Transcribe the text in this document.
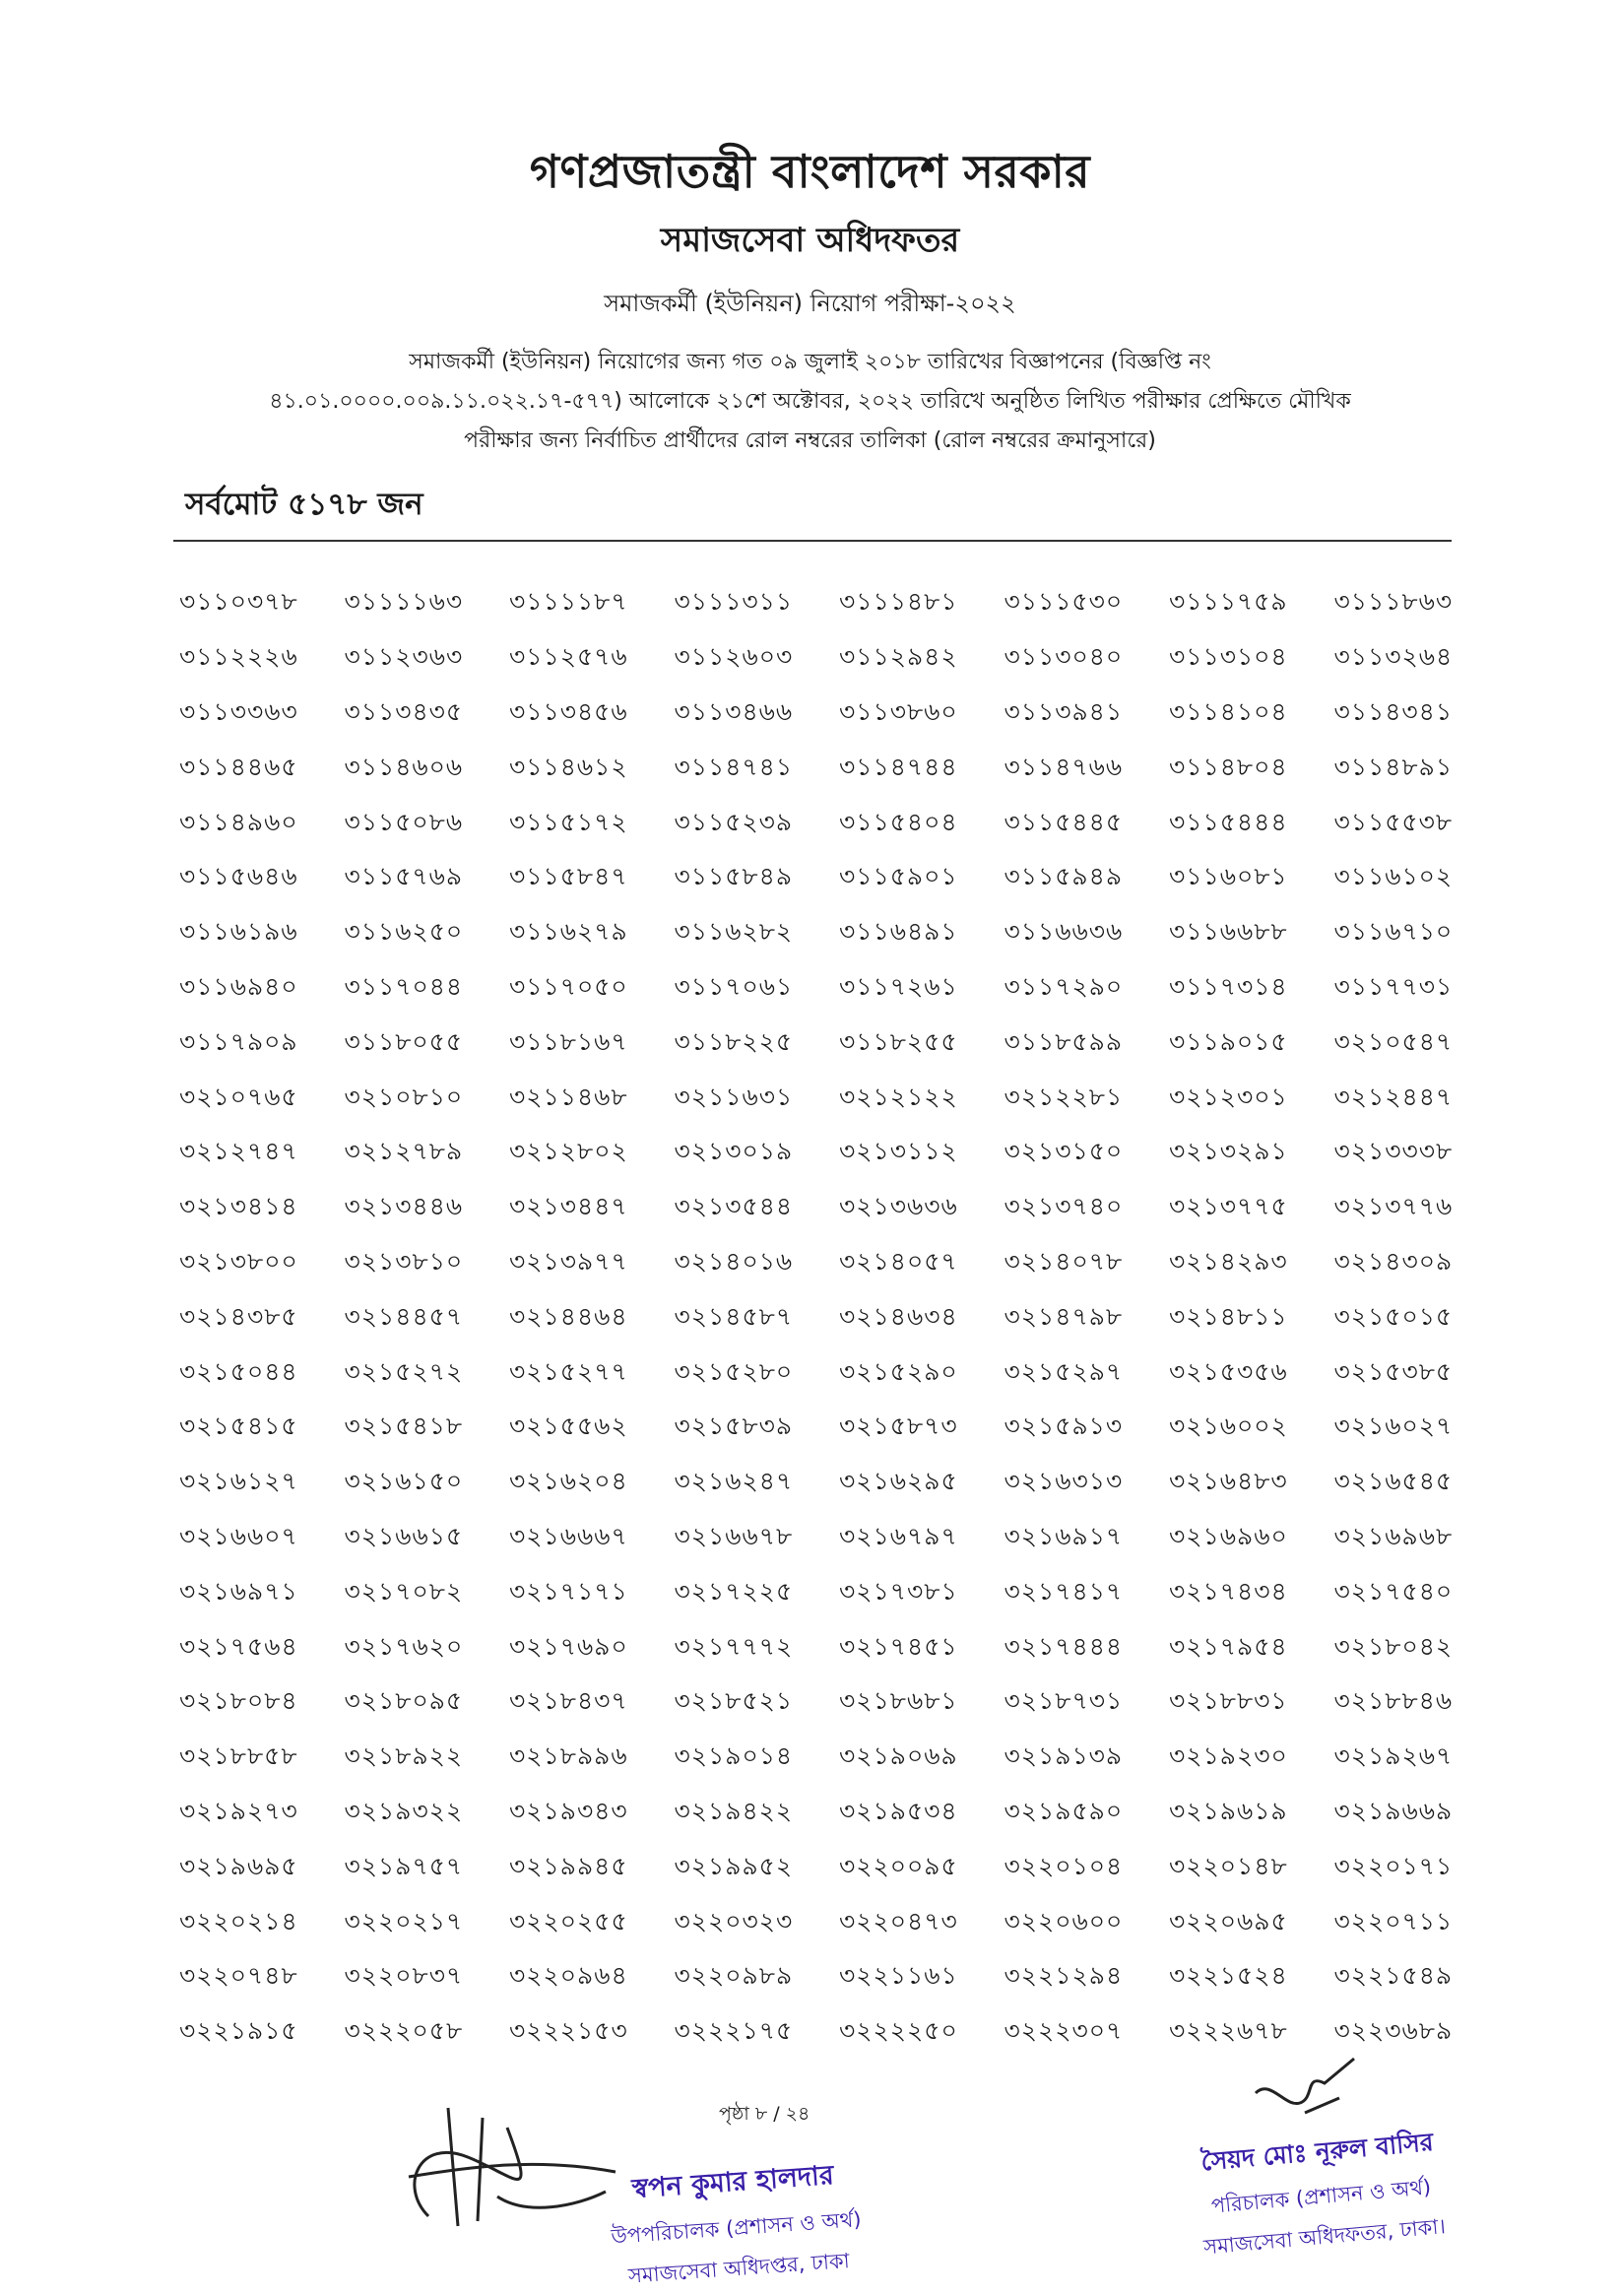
গণপ্রজাতন্ত্রী বাংলাদেশ সরকার
সমাজসেবা অধিদফতর
সমাজকর্মী (ইউনিয়ন) নিয়োগ পরীক্ষা-২০২২
সমাজকর্মী (ইউনিয়ন) নিয়োগের জন্য গত ০৯ জুলাই ২০১৮ তারিখের বিজ্ঞাপনের (বিজ্ঞপ্তি নং
৪১.০১.০০০০.০০৯.১১.০২২.১৭-৫৭৭) আলোকে ২১শে অক্টোবর, ২০২২ তারিখে অনুষ্ঠিত লিখিত পরীক্ষার প্রেক্ষিতে মৌখিক
পরীক্ষার জন্য নির্বাচিত প্রার্থীদের রোল নম্বরের তালিকা (রোল নম্বরের ক্রমানুসারে)
সর্বমোট ৫১৭৮ জন
৩১১০৩৭৮	৩১১১১৬৩	৩১১১১৮৭	৩১১১৩১১	৩১১১৪৮১	৩১১১৫৩০	৩১১১৭৫৯	৩১১১৮৬৩
৩১১২২২৬	৩১১২৩৬৩	৩১১২৫৭৬	৩১১২৬০৩	৩১১২৯৪২	৩১১৩০৪০	৩১১৩১০৪	৩১১৩২৬৪
৩১১৩৩৬৩	৩১১৩৪৩৫	৩১১৩৪৫৬	৩১১৩৪৬৬	৩১১৩৮৬০	৩১১৩৯৪১	৩১১৪১০৪	৩১১৪৩৪১
৩১১৪৪৬৫	৩১১৪৬০৬	৩১১৪৬১২	৩১১৪৭৪১	৩১১৪৭৪৪	৩১১৪৭৬৬	৩১১৪৮০৪	৩১১৪৮৯১
৩১১৪৯৬০	৩১১৫০৮৬	৩১১৫১৭২	৩১১৫২৩৯	৩১১৫৪০৪	৩১১৫৪৪৫	৩১১৫৪৪৪	৩১১৫৫৩৮
৩১১৫৬৪৬	৩১১৫৭৬৯	৩১১৫৮৪৭	৩১১৫৮৪৯	৩১১৫৯০১	৩১১৫৯৪৯	৩১১৬০৮১	৩১১৬১০২
৩১১৬১৯৬	৩১১৬২৫০	৩১১৬২৭৯	৩১১৬২৮২	৩১১৬৪৯১	৩১১৬৬৩৬	৩১১৬৬৮৮	৩১১৬৭১০
৩১১৬৯৪০	৩১১৭০৪৪	৩১১৭০৫০	৩১১৭০৬১	৩১১৭২৬১	৩১১৭২৯০	৩১১৭৩১৪	৩১১৭৭৩১
৩১১৭৯০৯	৩১১৮০৫৫	৩১১৮১৬৭	৩১১৮২২৫	৩১১৮২৫৫	৩১১৮৫৯৯	৩১১৯০১৫	৩২১০৫৪৭
৩২১০৭৬৫	৩২১০৮১০	৩২১১৪৬৮	৩২১১৬৩১	৩২১২১২২	৩২১২২৮১	৩২১২৩০১	৩২১২৪৪৭
৩২১২৭৪৭	৩২১২৭৮৯	৩২১২৮০২	৩২১৩০১৯	৩২১৩১১২	৩২১৩১৫০	৩২১৩২৯১	৩২১৩৩৩৮
৩২১৩৪১৪	৩২১৩৪৪৬	৩২১৩৪৪৭	৩২১৩৫৪৪	৩২১৩৬৩৬	৩২১৩৭৪০	৩২১৩৭৭৫	৩২১৩৭৭৬
৩২১৩৮০০	৩২১৩৮১০	৩২১৩৯৭৭	৩২১৪০১৬	৩২১৪০৫৭	৩২১৪০৭৮	৩২১৪২৯৩	৩২১৪৩০৯
৩২১৪৩৮৫	৩২১৪৪৫৭	৩২১৪৪৬৪	৩২১৪৫৮৭	৩২১৪৬৩৪	৩২১৪৭৯৮	৩২১৪৮১১	৩২১৫০১৫
৩২১৫০৪৪	৩২১৫২৭২	৩২১৫২৭৭	৩২১৫২৮০	৩২১৫২৯০	৩২১৫২৯৭	৩২১৫৩৫৬	৩২১৫৩৮৫
৩২১৫৪১৫	৩২১৫৪১৮	৩২১৫৫৬২	৩২১৫৮৩৯	৩২১৫৮৭৩	৩২১৫৯১৩	৩২১৬০০২	৩২১৬০২৭
৩২১৬১২৭	৩২১৬১৫০	৩২১৬২০৪	৩২১৬২৪৭	৩২১৬২৯৫	৩২১৬৩১৩	৩২১৬৪৮৩	৩২১৬৫৪৫
৩২১৬৬০৭	৩২১৬৬১৫	৩২১৬৬৬৭	৩২১৬৬৭৮	৩২১৬৭৯৭	৩২১৬৯১৭	৩২১৬৯৬০	৩২১৬৯৬৮
৩২১৬৯৭১	৩২১৭০৮২	৩২১৭১৭১	৩২১৭২২৫	৩২১৭৩৮১	৩২১৭৪১৭	৩২১৭৪৩৪	৩২১৭৫৪০
৩২১৭৫৬৪	৩২১৭৬২০	৩২১৭৬৯০	৩২১৭৭৭২	৩২১৭৪৫১	৩২১৭৪৪৪	৩২১৭৯৫৪	৩২১৮০৪২
৩২১৮০৮৪	৩২১৮০৯৫	৩২১৮৪৩৭	৩২১৮৫২১	৩২১৮৬৮১	৩২১৮৭৩১	৩২১৮৮৩১	৩২১৮৮৪৬
৩২১৮৮৫৮	৩২১৮৯২২	৩২১৮৯৯৬	৩২১৯০১৪	৩২১৯০৬৯	৩২১৯১৩৯	৩২১৯২৩০	৩২১৯২৬৭
৩২১৯২৭৩	৩২১৯৩২২	৩২১৯৩৪৩	৩২১৯৪২২	৩২১৯৫৩৪	৩২১৯৫৯০	৩২১৯৬১৯	৩২১৯৬৬৯
৩২১৯৬৯৫	৩২১৯৭৫৭	৩২১৯৯৪৫	৩২১৯৯৫২	৩২২০০৯৫	৩২২০১০৪	৩২২০১৪৮	৩২২০১৭১
৩২২০২১৪	৩২২০২১৭	৩২২০২৫৫	৩২২০৩২৩	৩২২০৪৭৩	৩২২০৬০০	৩২২০৬৯৫	৩২২০৭১১
৩২২০৭৪৮	৩২২০৮৩৭	৩২২০৯৬৪	৩২২০৯৮৯	৩২২১১৬১	৩২২১২৯৪	৩২২১৫২৪	৩২২১৫৪৯
৩২২১৯১৫	৩২২২০৫৮	৩২২২১৫৩	৩২২২১৭৫	৩২২২২৫০	৩২২২৩০৭	৩২২২৬৭৮	৩২২৩৬৮৯
পৃষ্ঠা ৮ / ২৪
স্বপন কুমার হালদার
উপপরিচালক (প্রশাসন ও অর্থ)
সমাজসেবা অধিদপ্তর, ঢাকা
সৈয়দ মোঃ নূরুল বাসির
পরিচালক (প্রশাসন ও অর্থ)
সমাজসেবা অধিদফতর, ঢাকা।
